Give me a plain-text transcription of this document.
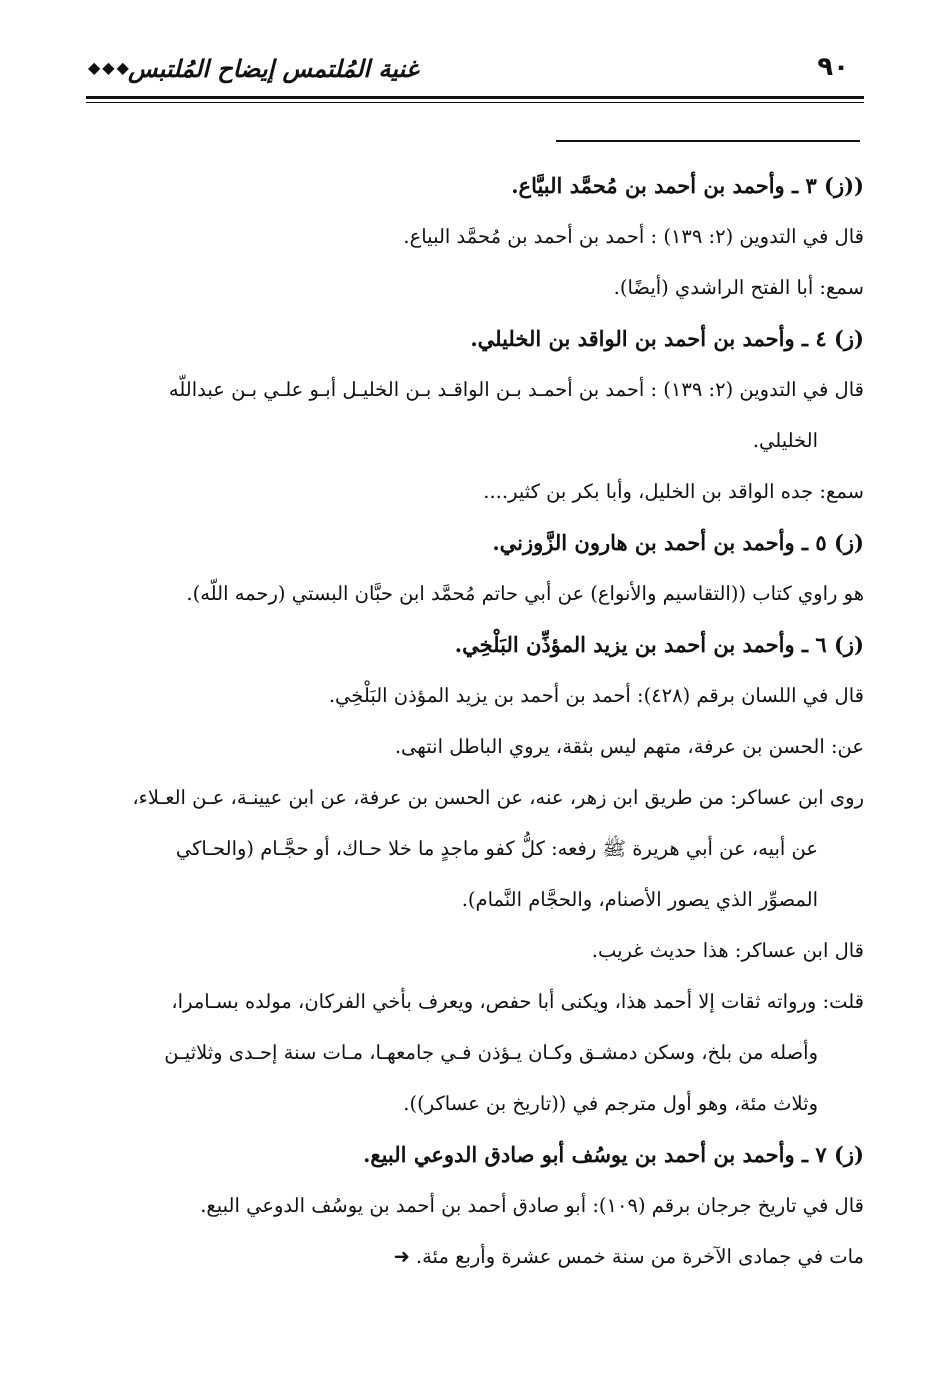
٩٠
غنية المُلتمس إيضاح المُلتبس
◆◆◆
((ز) ٣ ـ وأحمد بن أحمد بن مُحمَّد البيَّاع.
قال في التدوين (٢: ١٣٩) : أحمد بن أحمد بن مُحمَّد البياع.
سمع: أبا الفتح الراشدي (أيضًا).
(ز) ٤ ـ وأحمد بن أحمد بن الواقد بن الخليلي.
قال في التدوين (٢: ١٣٩) : أحمد بن أحمـد بـن الواقـد بـن الخليـل أبـو علـي بـن عبداللّه
الخليلي.
سمع: جده الواقد بن الخليل، وأبا بكر بن كثير....
(ز) ٥ ـ وأحمد بن أحمد بن هارون الزَّوزني.
هو راوي كتاب ((التقاسيم والأنواع) عن أبي حاتم مُحمَّد ابن حبَّان البستي (رحمه اللّه).
(ز) ٦ ـ وأحمد بن أحمد بن يزيد المؤذِّن البَلْخِي.
قال في اللسان برقم (٤٢٨): أحمد بن أحمد بن يزيد المؤذن البَلْخِي.
عن: الحسن بن عرفة، متهم ليس بثقة، يروي الباطل انتهى.
روى ابن عساكر: من طريق ابن زهر، عنه، عن الحسن بن عرفة، عن ابن عيينـة، عـن العـلاء،
عن أبيه، عن أبي هريرة ﷺ رفعه: كلُّ كفو ماجدٍ ما خلا حـاك، أو حجَّـام (والحـاكي
المصوِّر الذي يصور الأصنام، والحجَّام النَّمام).
قال ابن عساكر: هذا حديث غريب.
قلت: ورواته ثقات إلا أحمد هذا، ويكنى أبا حفص، ويعرف بأخي الفركان، مولده بسـامرا،
وأصله من بلخ، وسكن دمشـق وكـان يـؤذن فـي جامعهـا، مـات سنة إحـدى وثلاثيـن
وثلاث مئة، وهو أول مترجم في ((تاريخ بن عساكر)).
(ز) ٧ ـ وأحمد بن أحمد بن يوسُف أبو صادق الدوعي البيع.
قال في تاريخ جرجان برقم (١٠٩): أبو صادق أحمد بن أحمد بن يوسُف الدوعي البيع.
مات في جمادى الآخرة من سنة خمس عشرة وأربع مئة.➜
